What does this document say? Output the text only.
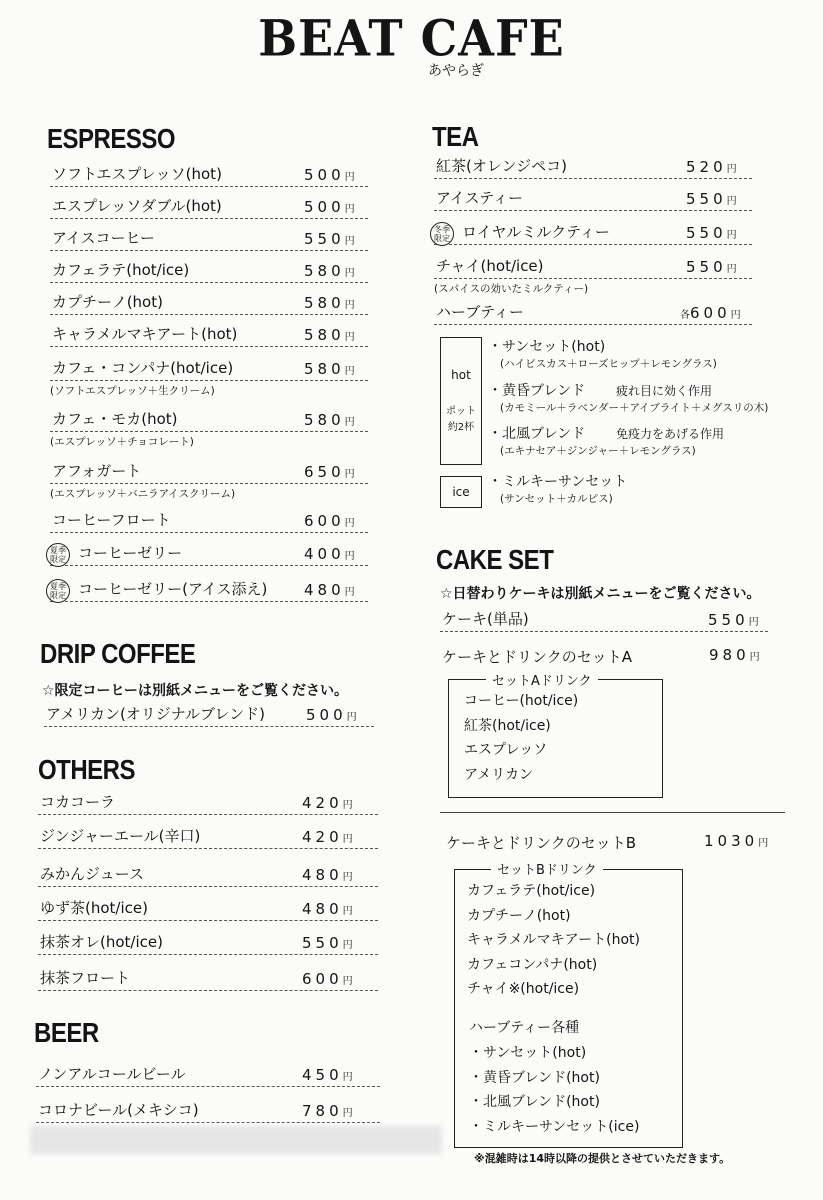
BEAT CAFE
あやらぎ
ESPRESSO
ソフトエスプレッソ(hot)	500円
エスプレッソダブル(hot)	500円
アイスコーヒー	550円
カフェラテ(hot/ice)	580円
カプチーノ(hot)	580円
キャラメルマキアート(hot)	580円
カフェ・コンパナ(hot/ice)	580円
(ソフトエスプレッソ＋生クリーム)
カフェ・モカ(hot)	580円
(エスプレッソ＋チョコレート)
アフォガート	650円
(エスプレッソ＋バニラアイスクリーム)
コーヒーフロート	600円
夏季限定 コーヒーゼリー	400円
夏季限定 コーヒーゼリー(アイス添え) 480円
DRIP COFFEE
☆限定コーヒーは別紙メニューをご覧ください。
アメリカン(オリジナルブレンド)	500円
OTHERS
コカコーラ	420円
ジンジャーエール(辛口)	420円
みかんジュース	480円
ゆず茶(hot/ice)	480円
抹茶オレ(hot/ice)	550円
抹茶フロート	600円
BEER
ノンアルコールビール	450円
コロナビール(メキシコ)	780円
TEA
紅茶(オレンジペコ)	520円
アイスティー	550円
冬季限定 ロイヤルミルクティー	550円
チャイ(hot/ice)	550円
(スパイスの効いたミルクティー)
ハーブティー	各600円
hot
ポット
約2杯
ice
・サンセット(hot)
(ハイビスカス＋ローズヒップ＋レモングラス)
・黄昏ブレンド	疲れ目に効く作用
(カモミール＋ラベンダー＋アイブライト＋メグスリの木)
・北風ブレンド	免疫力をあげる作用
(エキナセア＋ジンジャー＋レモングラス)
・ミルキーサンセット
(サンセット＋カルピス)
CAKE SET
☆日替わりケーキは別紙メニューをご覧ください。
ケーキ(単品)	550円
ケーキとドリンクのセットA	980円
コーヒー(hot/ice)
紅茶(hot/ice)
エスプレッソ
アメリカン
セットAドリンク
ケーキとドリンクのセットB	1030円
カフェラテ(hot/ice)
カプチーノ(hot)
キャラメルマキアート(hot)
カフェコンパナ(hot)
チャイ※(hot/ice)
ハーブティー各種
・サンセット(hot)
・黄昏ブレンド(hot)
・北風ブレンド(hot)
・ミルキーサンセット(ice)
セットBドリンク
※混雑時は14時以降の提供とさせていただきます。
